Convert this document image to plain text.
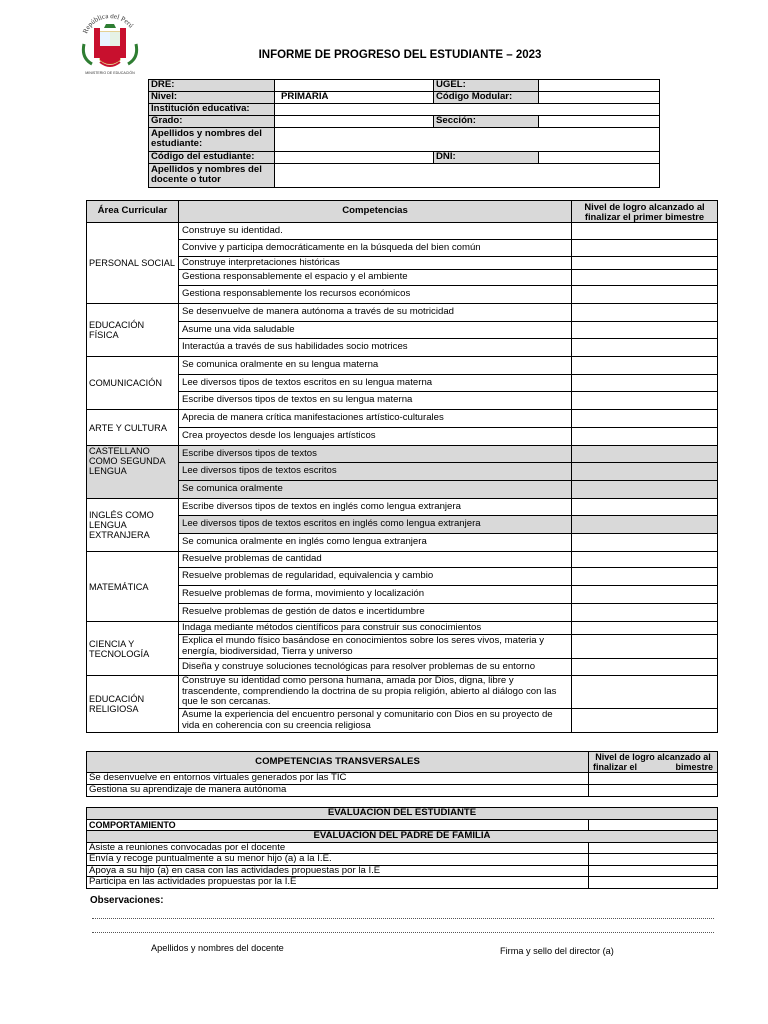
República del Perú
MINISTERIO DE EDUCACIÓN
INFORME DE PROGRESO DEL ESTUDIANTE – 2023
DRE:		UGEL:	
Nivel:	PRIMARIA	Código Modular:	
Institución educativa:			
Grado:		Sección:	
Apellidos y nombres del estudiante:			
Código del estudiante:		DNI:	
Apellidos y nombres del docente o tutor			
Área Curricular	Competencias	Nivel de logro alcanzado al finalizar el primer bimestre
PERSONAL SOCIAL	Construye su identidad.	
	Convive y participa democráticamente en la búsqueda del bien común	
	Construye interpretaciones históricas	
	Gestiona responsablemente el espacio y el ambiente	
	Gestiona responsablemente los recursos económicos	
EDUCACIÓN FÍSICA	Se desenvuelve de manera autónoma a través de su motricidad	
	Asume una vida saludable	
	Interactúa a través de sus habilidades socio motrices	
COMUNICACIÓN	Se comunica oralmente en su lengua materna	
	Lee diversos tipos de textos escritos en su lengua materna	
	Escribe diversos tipos de textos en su lengua materna	
ARTE Y CULTURA	Aprecia de manera crítica manifestaciones artístico-culturales	
	Crea proyectos desde los lenguajes artísticos	
CASTELLANO COMO SEGUNDA LENGUA	Escribe diversos tipos de textos	
	Lee diversos tipos de textos escritos	
	Se comunica oralmente	
INGLÉS COMO LENGUA EXTRANJERA	Escribe diversos tipos de textos en inglés como lengua extranjera	
	Lee diversos tipos de textos escritos en inglés como lengua extranjera	
	Se comunica oralmente en inglés como lengua extranjera	
MATEMÁTICA	Resuelve problemas de cantidad	
	Resuelve problemas de regularidad, equivalencia y cambio	
	Resuelve problemas de forma, movimiento y localización	
	Resuelve problemas de gestión de datos e incertidumbre	
CIENCIA Y TECNOLOGÍA	Indaga mediante métodos científicos para construir sus conocimientos	
	Explica el mundo físico basándose en conocimientos sobre los seres vivos, materia y energía, biodiversidad, Tierra y universo	
	Diseña y construye soluciones tecnológicas para resolver problemas de su entorno	
EDUCACIÓN RELIGIOSA	Construye su identidad como persona humana, amada por Dios, digna, libre y trascendente, comprendiendo la doctrina de su propia religión, abierto al diálogo con las que le son cercanas.	
	Asume la experiencia del encuentro personal y comunitario con Dios en su proyecto de vida en coherencia con su creencia religiosa	
COMPETENCIAS TRANSVERSALES	Nivel de logro alcanzado al
finalizar el bimestre

Se desenvuelve en entornos virtuales generados por las TIC	
Gestiona su aprendizaje de manera autónoma	
EVALUACION DEL ESTUDIANTE	
COMPORTAMIENTO	
EVALUACION DEL PADRE DE FAMILIA	
Asiste a reuniones convocadas por el docente	
Envía y recoge puntualmente a su menor hijo (a) a la I.E.	
Apoya a su hijo (a) en casa con las actividades propuestas por la I.E	
Participa en las actividades propuestas por la I.E	
Observaciones:
Apellidos y nombres del docente	Firma y sello del director (a)
